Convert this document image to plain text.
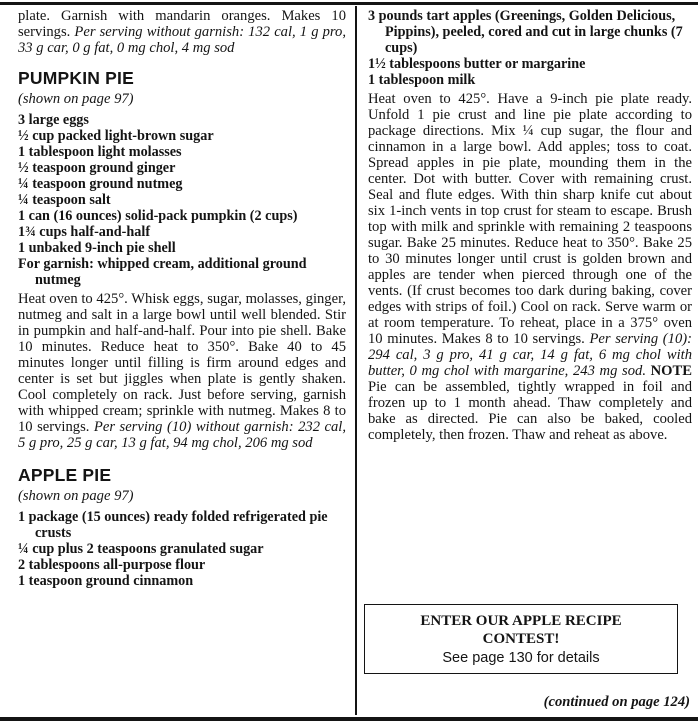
plate. Garnish with mandarin oranges. Makes 10 servings. Per serving without garnish: 132 cal, 1 g pro, 33 g car, 0 g fat, 0 mg chol, 4 mg sod

PUMPKIN PIE
(shown on page 97)
3 large eggs
½ cup packed light-brown sugar
1 tablespoon light molasses
½ teaspoon ground ginger
¼ teaspoon ground nutmeg
¼ teaspoon salt
1 can (16 ounces) solid-pack pumpkin (2 cups)
1¾ cups half-and-half
1 unbaked 9-inch pie shell
For garnish: whipped cream, additional ground nutmeg

Heat oven to 425°. Whisk eggs, sugar, molasses, ginger, nutmeg and salt in a large bowl until well blended. Stir in pumpkin and half-and-half. Pour into pie shell. Bake 10 minutes. Reduce heat to 350°. Bake 40 to 45 minutes longer until filling is firm around edges and center is set but jiggles when plate is gently shaken. Cool completely on rack. Just before serving, garnish with whipped cream; sprinkle with nutmeg. Makes 8 to 10 servings. Per serving (10) without garnish: 232 cal, 5 g pro, 25 g car, 13 g fat, 94 mg chol, 206 mg sod

APPLE PIE
(shown on page 97)
1 package (15 ounces) ready folded refrigerated pie crusts
¼ cup plus 2 teaspoons granulated sugar
2 tablespoons all-purpose flour
1 teaspoon ground cinnamon
3 pounds tart apples (Greenings, Golden Delicious, Pippins), peeled, cored and cut in large chunks (7 cups)
1½ tablespoons butter or margarine
1 tablespoon milk

Heat oven to 425°. Have a 9-inch pie plate ready. Unfold 1 pie crust and line pie plate according to package directions. Mix ¼ cup sugar, the flour and cinnamon in a large bowl. Add apples; toss to coat. Spread apples in pie plate, mounding them in the center. Dot with butter. Cover with remaining crust. Seal and flute edges. With thin sharp knife cut about six 1-inch vents in top crust for steam to escape. Brush top with milk and sprinkle with remaining 2 teaspoons sugar. Bake 25 minutes. Reduce heat to 350°. Bake 25 to 30 minutes longer until crust is golden brown and apples are tender when pierced through one of the vents. (If crust becomes too dark during baking, cover edges with strips of foil.) Cool on rack. Serve warm or at room temperature. To reheat, place in a 375° oven 10 minutes. Makes 8 to 10 servings. Per serving (10): 294 cal, 3 g pro, 41 g car, 14 g fat, 6 mg chol with butter, 0 mg chol with margarine, 243 mg sod. NOTE Pie can be assembled, tightly wrapped in foil and frozen up to 1 month ahead. Thaw completely and bake as directed. Pie can also be baked, cooled completely, then frozen. Thaw and reheat as above.

ENTER OUR APPLE RECIPE
CONTEST!
See page 130 for details
(continued on page 124)
